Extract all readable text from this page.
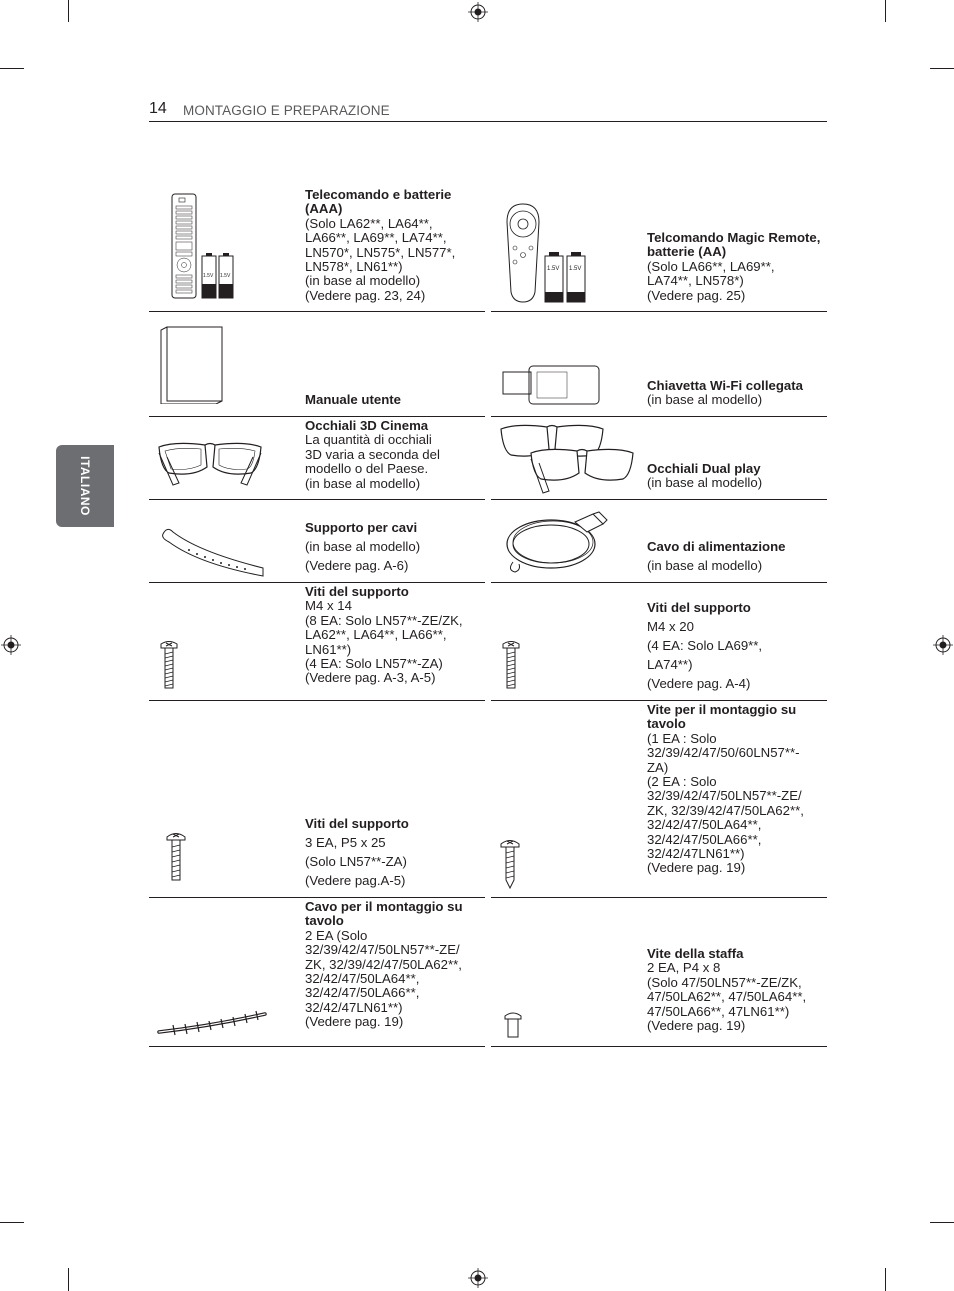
14 MONTAGGIO E PREPARAZIONE
ITALIANO
1.5V 1.5V
Telecomando e batterie (AAA)
(Solo LA62**, LA64**,
LA66**, LA69**, LA74**,
LN570*, LN575*, LN577*,
LN578*, LN61**)
(in base al modello)
(Vedere pag. 23, 24)
1.5V 1.5V
Telcomando Magic Remote, batterie (AA)
(Solo LA66**, LA69**,
LA74**, LN578*)
(Vedere pag. 25)
Manuale utente
Chiavetta Wi-Fi collegata
(in base al modello)
Occhiali 3D Cinema
La quantità di occhiali
3D varia a seconda del
modello o del Paese.
(in base al modello)
Occhiali Dual play
(in base al modello)
Supporto per cavi
(in base al modello)
(Vedere pag. A-6)
Cavo di alimentazione
(in base al modello)
Viti del supporto
M4 x 14
(8 EA: Solo LN57**-ZE/ZK,
LA62**, LA64**, LA66**,
LN61**)
(4 EA: Solo LN57**-ZA)
(Vedere pag. A-3, A-5)
Viti del supporto
M4 x 20
(4 EA: Solo LA69**,
LA74**)
(Vedere pag. A-4)
Viti del supporto
3 EA, P5 x 25
(Solo LN57**-ZA)
(Vedere pag.A-5)
Vite per il montaggio su tavolo
(1 EA : Solo
32/39/42/47/50/60LN57**-
ZA)
(2 EA : Solo
32/39/42/47/50LN57**-ZE/
ZK, 32/39/42/47/50LA62**,
32/42/47/50LA64**,
32/42/47/50LA66**,
32/42/47LN61**)
(Vedere pag. 19)
Cavo per il montaggio su tavolo
2 EA (Solo
32/39/42/47/50LN57**-ZE/
ZK, 32/39/42/47/50LA62**,
32/42/47/50LA64**,
32/42/47/50LA66**,
32/42/47LN61**)
(Vedere pag. 19)
Vite della staffa
2 EA, P4 x 8
(Solo 47/50LN57**-ZE/ZK,
47/50LA62**, 47/50LA64**,
47/50LA66**, 47LN61**)
(Vedere pag. 19)
